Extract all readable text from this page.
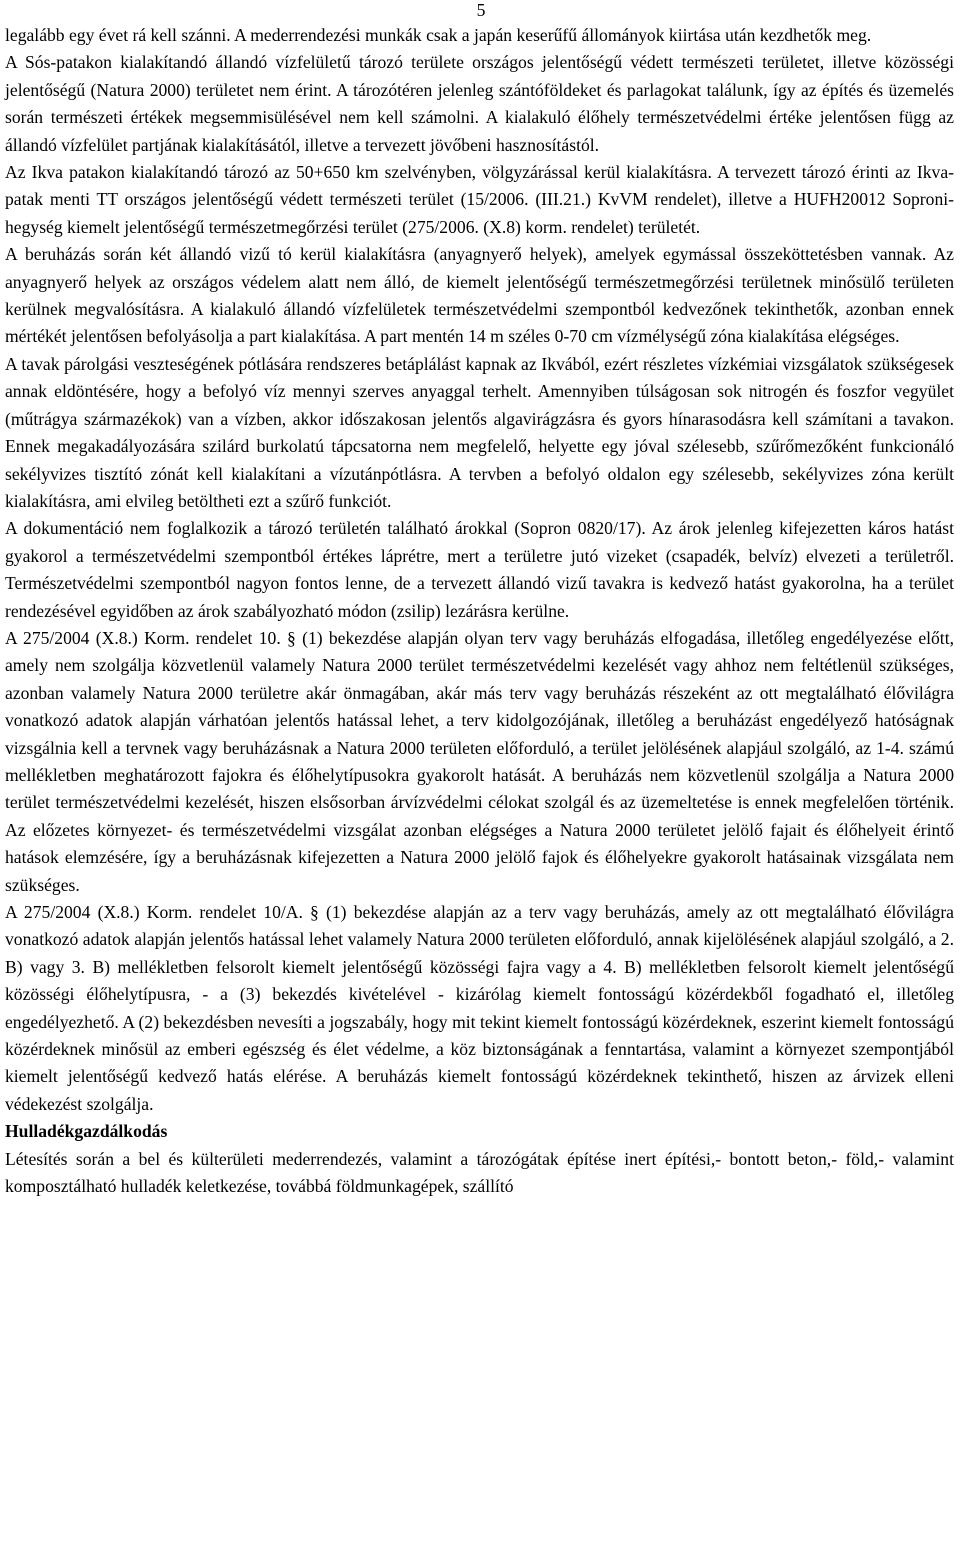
5

legalább egy évet rá kell szánni. A mederrendezési munkák csak a japán keserűfű állományok kiirtása után kezdhetők meg.

A Sós-patakon kialakítandó állandó vízfelületű tározó területe országos jelentőségű védett természeti területet, illetve közösségi jelentőségű (Natura 2000) területet nem érint. A tározótéren jelenleg szántóföldeket és parlagokat találunk, így az építés és üzemelés során természeti értékek megsemmisülésével nem kell számolni. A kialakuló élőhely természetvédelmi értéke jelentősen függ az állandó vízfelület partjának kialakításától, illetve a tervezett jövőbeni hasznosítástól.

Az Ikva patakon kialakítandó tározó az 50+650 km szelvényben, völgyzárással kerül kialakításra. A tervezett tározó érinti az Ikva-patak menti TT országos jelentőségű védett természeti terület (15/2006. (III.21.) KvVM rendelet), illetve a HUFH20012 Soproni-hegység kiemelt jelentőségű természetmegőrzési terület (275/2006. (X.8) korm. rendelet) területét.

A beruházás során két állandó vizű tó kerül kialakításra (anyagnyerő helyek), amelyek egymással összeköttetésben vannak. Az anyagnyerő helyek az országos védelem alatt nem álló, de kiemelt jelentőségű természetmegőrzési területnek minősülő területen kerülnek megvalósításra. A kialakuló állandó vízfelületek természetvédelmi szempontból kedvezőnek tekinthetők, azonban ennek mértékét jelentősen befolyásolja a part kialakítása. A part mentén 14 m széles 0-70 cm vízmélységű zóna kialakítása elégséges.

A tavak párolgási veszteségének pótlására rendszeres betáplálást kapnak az Ikvából, ezért részletes vízkémiai vizsgálatok szükségesek annak eldöntésére, hogy a befolyó víz mennyi szerves anyaggal terhelt. Amennyiben túlságosan sok nitrogén és foszfor vegyület (műtrágya származékok) van a vízben, akkor időszakosan jelentős algavirágzásra és gyors hínarasodásra kell számítani a tavakon. Ennek megakadályozására szilárd burkolatú tápcsatorna nem megfelelő, helyette egy jóval szélesebb, szűrőmezőként funkcionáló sekélyvizes tisztító zónát kell kialakítani a vízutánpótlásra. A tervben a befolyó oldalon egy szélesebb, sekélyvizes zóna került kialakításra, ami elvileg betöltheti ezt a szűrő funkciót.

A dokumentáció nem foglalkozik a tározó területén található árokkal (Sopron 0820/17). Az árok jelenleg kifejezetten káros hatást gyakorol a természetvédelmi szempontból értékes láprétre, mert a területre jutó vizeket (csapadék, belvíz) elvezeti a területről. Természetvédelmi szempontból nagyon fontos lenne, de a tervezett állandó vizű tavakra is kedvező hatást gyakorolna, ha a terület rendezésével egyidőben az árok szabályozható módon (zsilip) lezárásra kerülne.

A 275/2004 (X.8.) Korm. rendelet 10. § (1) bekezdése alapján olyan terv vagy beruházás elfogadása, illetőleg engedélyezése előtt, amely nem szolgálja közvetlenül valamely Natura 2000 terület természetvédelmi kezelését vagy ahhoz nem feltétlenül szükséges, azonban valamely Natura 2000 területre akár önmagában, akár más terv vagy beruházás részeként az ott megtalálható élővilágra vonatkozó adatok alapján várhatóan jelentős hatással lehet, a terv kidolgozójának, illetőleg a beruházást engedélyező hatóságnak vizsgálnia kell a tervnek vagy beruházásnak a Natura 2000 területen előforduló, a terület jelölésének alapjául szolgáló, az 1-4. számú mellékletben meghatározott fajokra és élőhelytípusokra gyakorolt hatását. A beruházás nem közvetlenül szolgálja a Natura 2000 terület természetvédelmi kezelését, hiszen elsősorban árvízvédelmi célokat szolgál és az üzemeltetése is ennek megfelelően történik. Az előzetes környezet- és természetvédelmi vizsgálat azonban elégséges a Natura 2000 területet jelölő fajait és élőhelyeit érintő hatások elemzésére, így a beruházásnak kifejezetten a Natura 2000 jelölő fajok és élőhelyekre gyakorolt hatásainak vizsgálata nem szükséges.

A 275/2004 (X.8.) Korm. rendelet 10/A. § (1) bekezdése alapján az a terv vagy beruházás, amely az ott megtalálható élővilágra vonatkozó adatok alapján jelentős hatással lehet valamely Natura 2000 területen előforduló, annak kijelölésének alapjául szolgáló, a 2. B) vagy 3. B) mellékletben felsorolt kiemelt jelentőségű közösségi fajra vagy a 4. B) mellékletben felsorolt kiemelt jelentőségű közösségi élőhelytípusra, - a (3) bekezdés kivételével - kizárólag kiemelt fontosságú közérdekből fogadható el, illetőleg engedélyezhető. A (2) bekezdésben nevesíti a jogszabály, hogy mit tekint kiemelt fontosságú közérdeknek, eszerint kiemelt fontosságú közérdeknek minősül az emberi egészség és élet védelme, a köz biztonságának a fenntartása, valamint a környezet szempontjából kiemelt jelentőségű kedvező hatás elérése. A beruházás kiemelt fontosságú közérdeknek tekinthető, hiszen az árvizek elleni védekezést szolgálja.

Hulladékgazdálkodás

Létesítés során a bel és külterületi mederrendezés, valamint a tározógátak építése inert építési,- bontott beton,- föld,- valamint komposztálható hulladék keletkezése, továbbá földmunkagépek, szállító
